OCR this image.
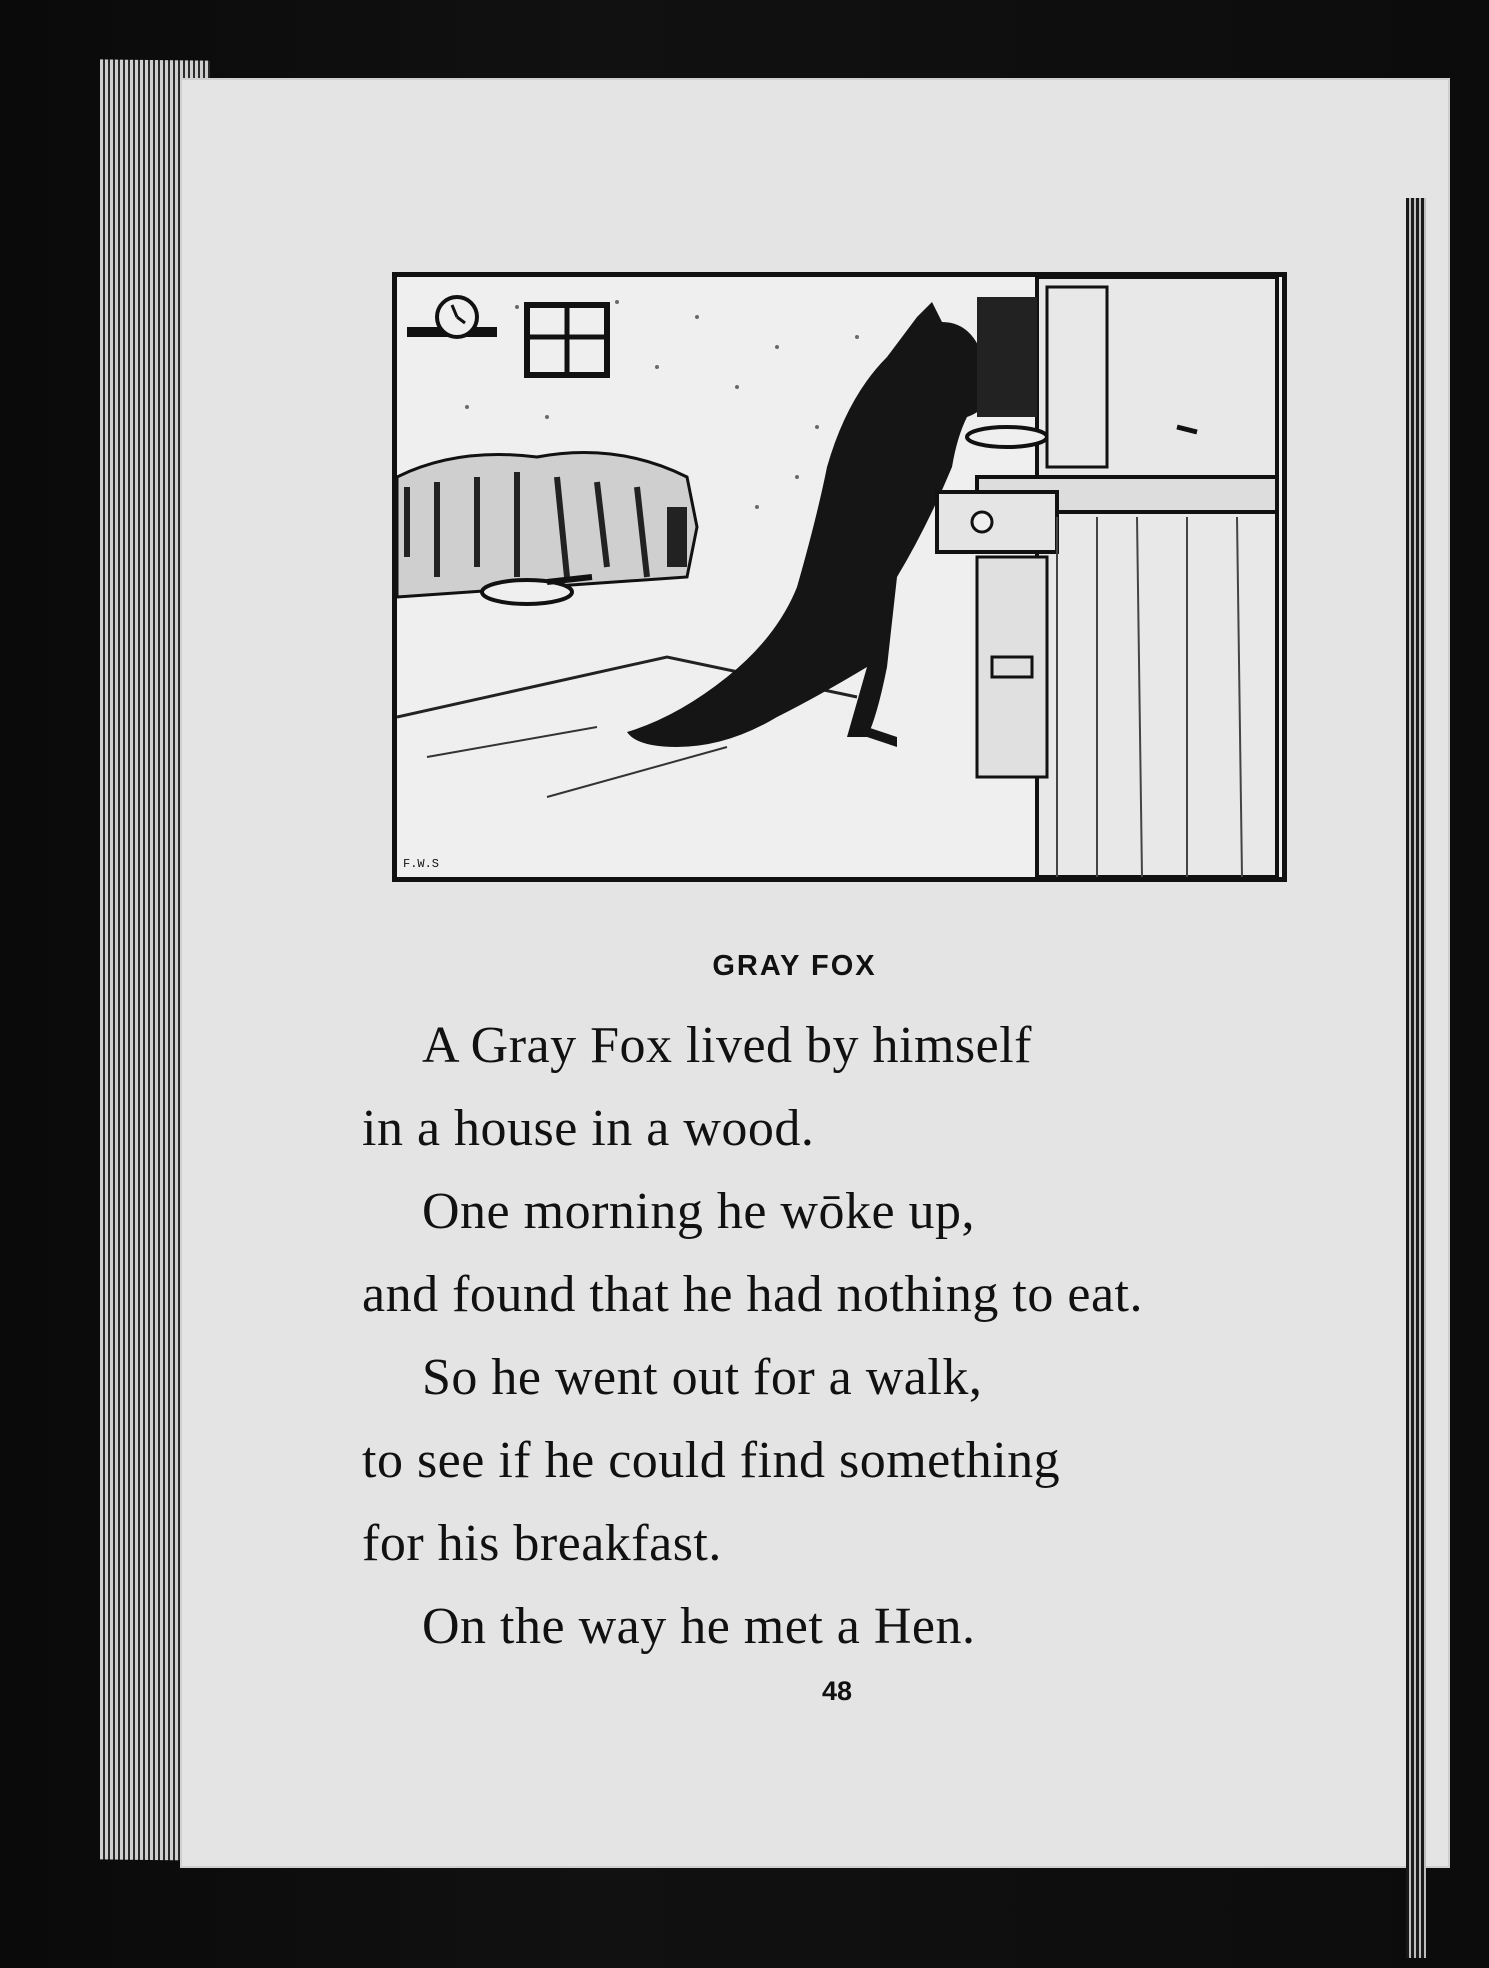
F.W.S
GRAY FOX
A Gray Fox lived by himself
in a house in a wood.
One morning he wōke up,
and found that he had nothing to eat.
So he went out for a walk,
to see if he could find something
for his breakfast.
On the way he met a Hen.
48
